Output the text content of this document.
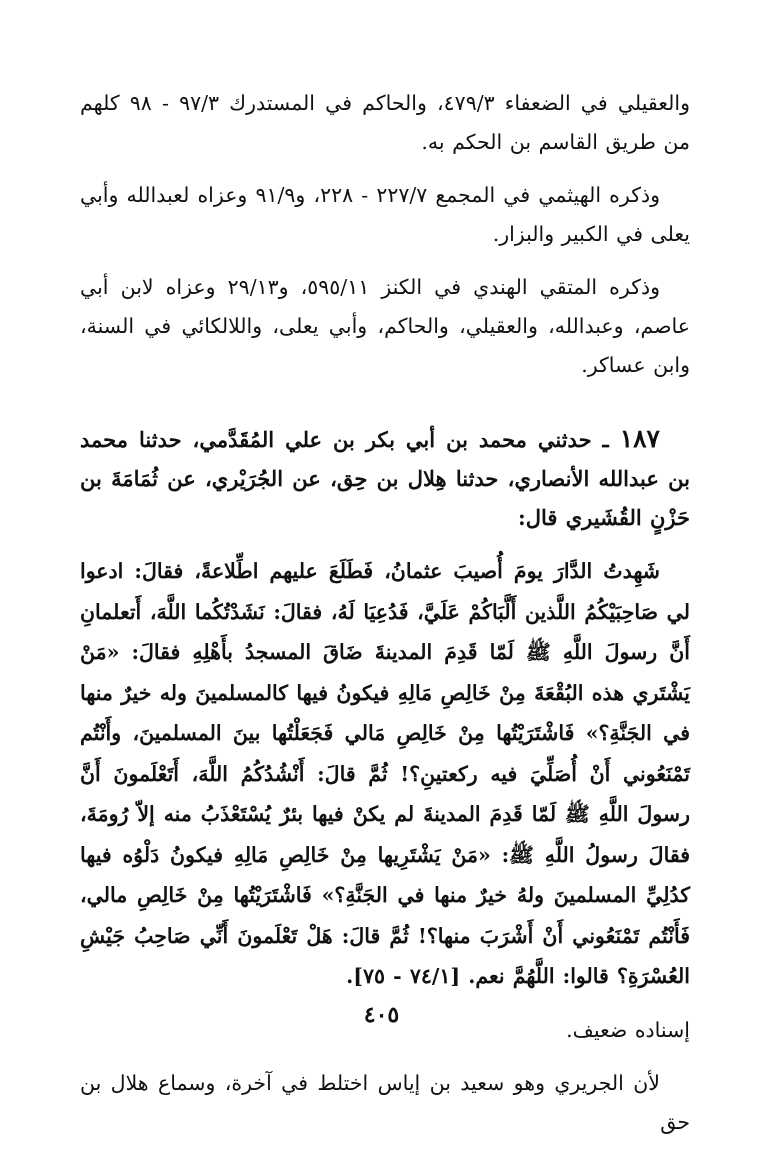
والعقيلي في الضعفاء ٤٧٩/٣، والحاكم في المستدرك ٩٧/٣ - ٩٨ كلهم من طريق القاسم بن الحكم به.

وذكره الهيثمي في المجمع ٢٢٧/٧ - ٢٢٨، و٩١/٩ وعزاه لعبدالله وأبي يعلى في الكبير والبزار.

وذكره المتقي الهندي في الكنز ٥٩٥/١١، و٢٩/١٣ وعزاه لابن أبي عاصم، وعبدالله، والعقيلي، والحاكم، وأبي يعلى، واللالكائي في السنة، وابن عساكر.

١٨٧ ـ حدثني محمد بن أبي بكر بن علي المُقَدَّمي، حدثنا محمد بن عبدالله الأنصاري، حدثنا هِلال بن حِق، عن الجُرَيْري، عن ثُمَامَةَ بن حَزْنٍ القُشَيري قال:

شَهِدتُ الدَّارَ يومَ أُصيبَ عثمانُ، فَطَلَعَ عليهم اطِّلاعةً، فقالَ: ادعوا لي صَاحِبَيْكُمُ اللَّذين أَلَّبَاكُمْ عَلَيَّ، فَدُعِيَا لَهُ، فقالَ: نَشَدْتُكُما اللَّهَ، أَتعلمانِ أَنَّ رسولَ اللَّهِ ﷺ لَمّا قَدِمَ المدينةَ ضَاقَ المسجدُ بأَهْلِهِ فقالَ: «مَنْ يَشْتَري هذه البُقْعَةَ مِنْ خَالِصِ مَالِهِ فيكونُ فيها كالمسلمينَ وله خيرٌ منها في الجَنَّةِ؟» فَاشْتَرَيْتُها مِنْ خَالِصِ مَالي فَجَعَلْتُها بينَ المسلمينَ، وأَنْتُم تَمْنَعُوني أَنْ أُصَلِّيَ فيه ركعتينِ؟! ثُمَّ قالَ: أَنْشُدُكُمُ اللَّهَ، أَتَعْلَمونَ أَنَّ رسولَ اللَّهِ ﷺ لَمّا قَدِمَ المدينةَ لم يكنْ فيها بئرٌ يُسْتَعْذَبُ منه إلاّ رُومَةَ، فقالَ رسولُ اللَّهِ ﷺ: «مَنْ يَشْتَرِيها مِنْ خَالِصِ مَالِهِ فيكونُ دَلْوُه فيها كدُلِيِّ المسلمينَ ولهُ خيرٌ منها في الجَنَّةِ؟» فَاشْتَرَيْتُها مِنْ خَالِصِ مالي، فَأَنْتُم تَمْنَعُوني أَنْ أَشْرَبَ منها؟! ثُمَّ قالَ: هَلْ تَعْلَمونَ أَنِّي صَاحِبُ جَيْشِ العُسْرَةِ؟ قالوا: اللَّهُمَّ نعم. [٧٤/١ - ٧٥].

إسناده ضعيف.

لأن الجريري وهو سعيد بن إياس اختلط في آخرة، وسماع هلال بن حق

٤٠٥
